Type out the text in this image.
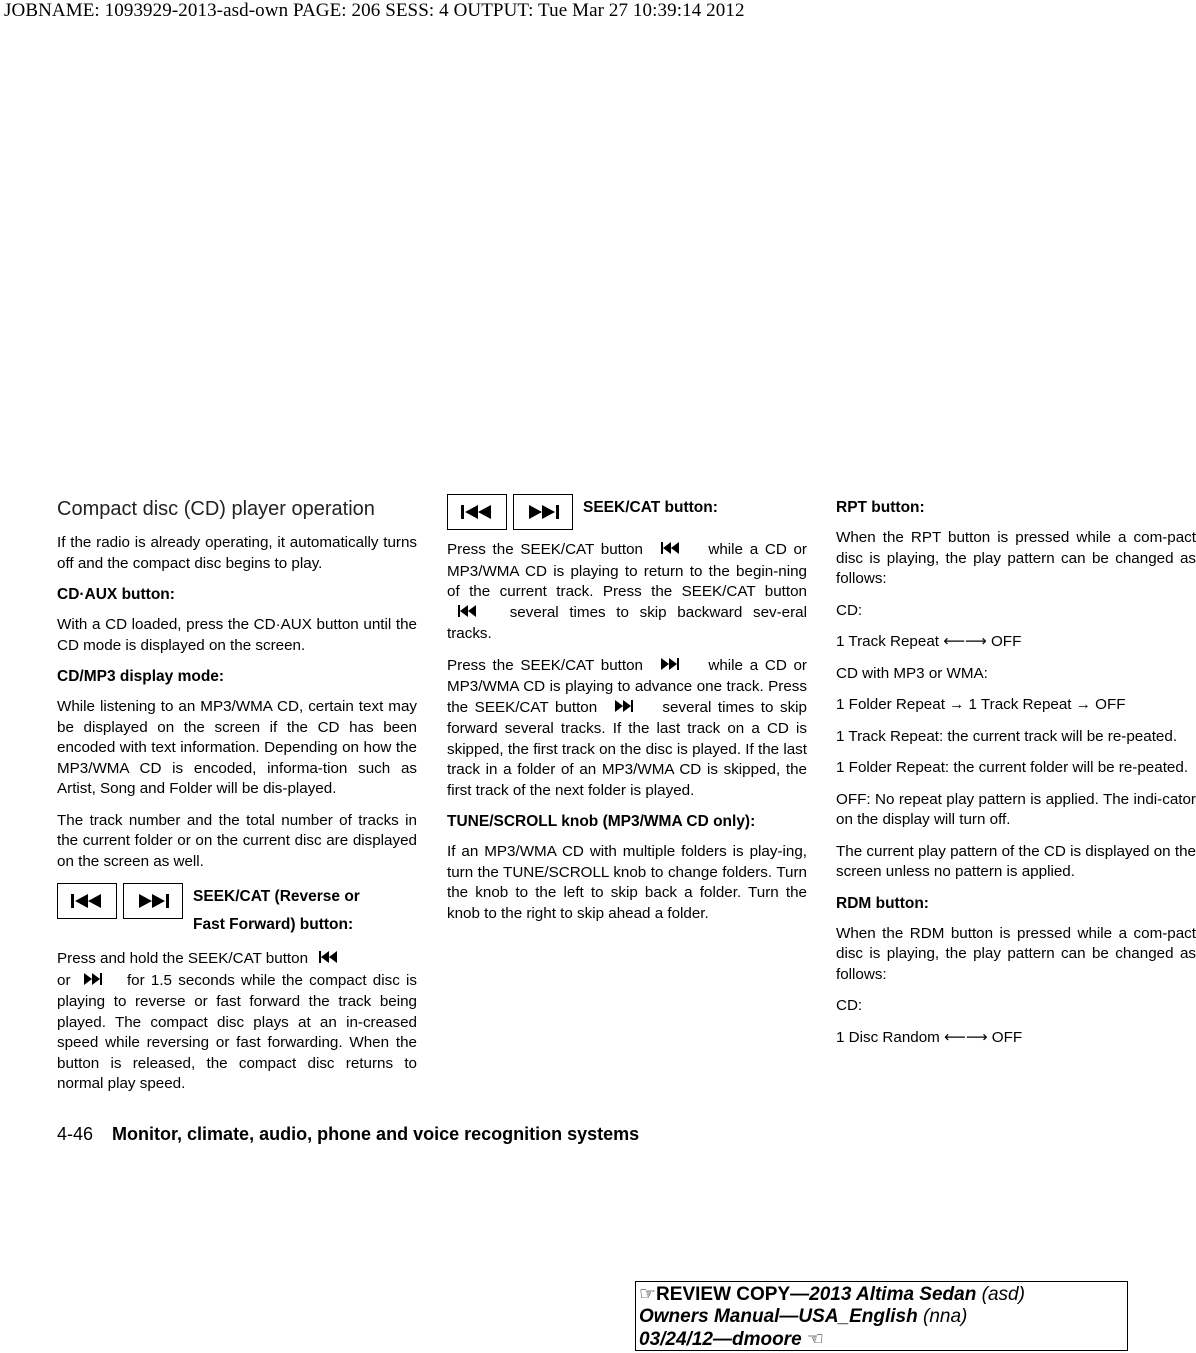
JOBNAME: 1093929-2013-asd-own PAGE: 206 SESS: 4 OUTPUT: Tue Mar 27 10:39:14 2012
Compact disc (CD) player operation

If the radio is already operating, it automatically turns off and the compact disc begins to play.

CD·AUX button:

With a CD loaded, press the CD·AUX button until the CD mode is displayed on the screen.

CD/MP3 display mode:

While listening to an MP3/WMA CD, certain text may be displayed on the screen if the CD has been encoded with text information. Depending on how the MP3/WMA CD is encoded, informa-tion such as Artist, Song and Folder will be dis-played.

The track number and the total number of tracks in the current folder or on the current disc are displayed on the screen as well.

SEEK/CAT (Reverse or
Fast Forward) button:

Press and hold the SEEK/CAT button
or	for 1.5 seconds while the compact disc is playing to reverse or fast forward the track being played. The compact disc plays at an in-creased speed while reversing or fast forwarding. When the button is released, the compact disc returns to normal play speed.

SEEK/CAT button:

Press the SEEK/CAT button	while a CD or MP3/WMA CD is playing to return to the begin-ning of the current track. Press the SEEK/CAT button  several times to skip backward sev-eral tracks.

Press the SEEK/CAT button	while a CD or MP3/WMA CD is playing to advance one track. Press the SEEK/CAT button	several times to skip forward several tracks. If the last track on a CD is skipped, the first track on the disc is played. If the last track in a folder of an MP3/WMA CD is skipped, the first track of the next folder is played.

TUNE/SCROLL knob (MP3/WMA CD only):

If an MP3/WMA CD with multiple folders is play-ing, turn the TUNE/SCROLL knob to change folders. Turn the knob to the left to skip back a folder. Turn the knob to the right to skip ahead a folder.

RPT button:

When the RPT button is pressed while a com-pact disc is playing, the play pattern can be changed as follows:

CD:

1 Track Repeat ⟵⟶ OFF

CD with MP3 or WMA:

1 Folder Repeat → 1 Track Repeat → OFF

1 Track Repeat: the current track will be re-peated.

1 Folder Repeat: the current folder will be re-peated.

OFF: No repeat play pattern is applied. The indi-cator on the display will turn off.

The current play pattern of the CD is displayed on the screen unless no pattern is applied.

RDM button:

When the RDM button is pressed while a com-pact disc is playing, the play pattern can be changed as follows:

CD:

1 Disc Random ⟵⟶ OFF

4-46 Monitor, climate, audio, phone and voice recognition systems
☞REVIEW COPY—2013 Altima Sedan (asd)
Owners Manual—USA_English (nna)
03/24/12—dmoore ☜
